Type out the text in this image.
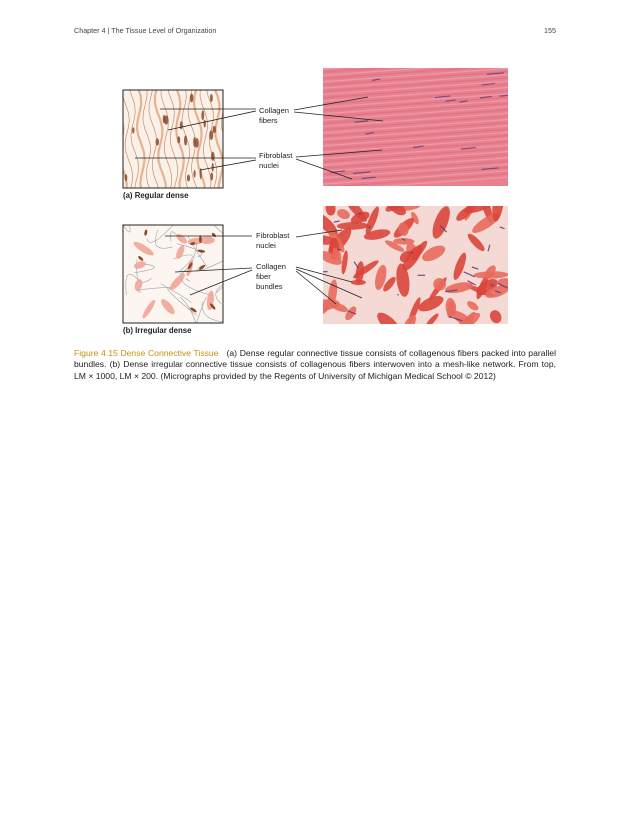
Chapter 4 | The Tissue Level of Organization	155
Collagen
fibers
Fibroblast
nuclei
(a) Regular dense
Fibroblast
nuclei
Collagen
fiber
bundles
(b) Irregular dense
Figure 4.15 Dense Connective Tissue (a) Dense regular connective tissue consists of collagenous fibers packed into parallel bundles. (b) Dense irregular connective tissue consists of collagenous fibers interwoven into a mesh-like network. From top, LM × 1000, LM × 200. (Micrographs provided by the Regents of University of Michigan Medical School © 2012)
